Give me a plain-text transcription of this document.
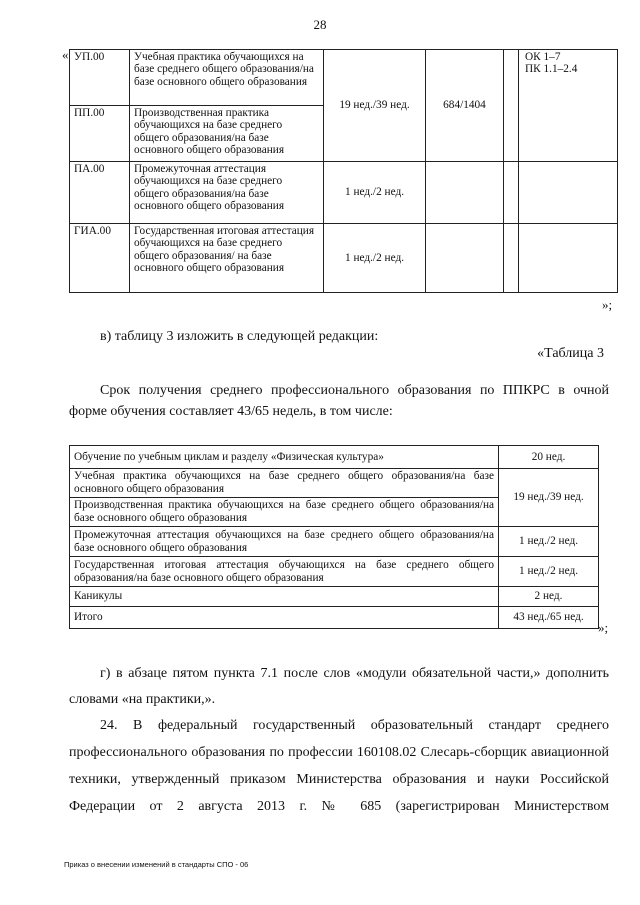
28
« УП.00	Учебная практика обучающихся на базе среднего общего образования/на базе основного общего образования	19 нед./39 нед.	684/1404		ОК 1–7
ПК 1.1–2.4
ПП.00	Производственная практика обучающихся на базе среднего общего образования/на базе основного общего образования				
ПА.00	Промежуточная аттестация обучающихся на базе среднего общего образования/на базе основного общего образования	1 нед./2 нед.			
ГИА.00	Государственная итоговая аттестация обучающихся на базе среднего общего образования/ на базе основного общего образования	1 нед./2 нед.			
»;
в) таблицу 3 изложить в следующей редакции:
«Таблица 3
Срок получения среднего профессионального образования по ППКРС в очной форме обучения составляет 43/65 недель, в том числе:
Обучение по учебным циклам и разделу «Физическая культура»	20 нед.
Учебная практика обучающихся на базе среднего общего образования/на базе основного общего образования	19 нед./39 нед.
Производственная практика обучающихся на базе среднего общего образования/на базе основного общего образования	
Промежуточная аттестация обучающихся на базе среднего общего образования/на базе основного общего образования	1 нед./2 нед.
Государственная итоговая аттестация обучающихся на базе среднего общего образования/на базе основного общего образования	1 нед./2 нед.
Каникулы	2 нед.
Итого	43 нед./65 нед.
»;
г) в абзаце пятом пункта 7.1 после слов «модули обязательной части,» дополнить словами «на практики,».
24. В федеральный государственный образовательный стандарт среднего профессионального образования по профессии 160108.02 Слесарь-сборщик авиационной техники, утвержденный приказом Министерства образования и науки Российской Федерации от 2 августа 2013 г. № 685 (зарегистрирован Министерством
Приказ о внесении изменений в стандарты СПО - 06
